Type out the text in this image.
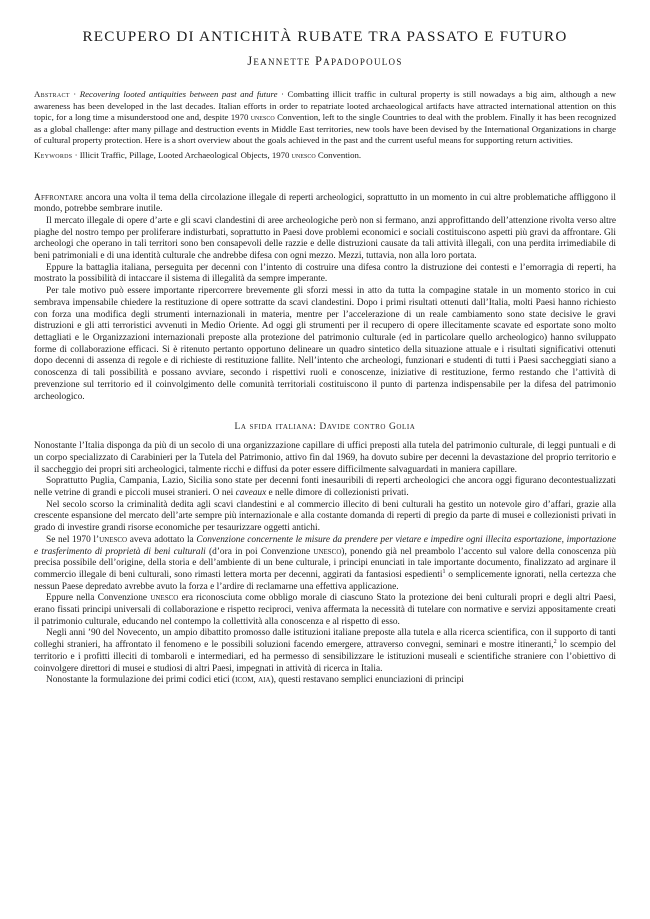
RECUPERO DI ANTICHITÀ RUBATE TRA PASSATO E FUTURO
Jeannette Papadopoulos

Abstract · Recovering looted antiquities between past and future · Combatting illicit traffic in cultural property is still nowadays a big aim, although a new awareness has been developed in the last decades. Italian efforts in order to repatriate looted archaeological artifacts have attracted international attention on this topic, for a long time a misunderstood one and, despite 1970 unesco Convention, left to the single Countries to deal with the problem. Finally it has been recognized as a global challenge: after many pillage and destruction events in Middle East territories, new tools have been devised by the International Organizations in charge of cultural property protection. Here is a short overview about the goals achieved in the past and the current useful means for supporting return activities.

Keywords · Illicit Traffic, Pillage, Looted Archaeological Objects, 1970 unesco Convention.

Affrontare ancora una volta il tema della circolazione illegale di reperti archeologici, soprattutto in un momento in cui altre problematiche affliggono il mondo, potrebbe sembrare inutile.

Il mercato illegale di opere d’arte e gli scavi clandestini di aree archeologiche però non si fermano, anzi approfittando dell’attenzione rivolta verso altre piaghe del nostro tempo per proliferare indisturbati, soprattutto in Paesi dove problemi economici e sociali costituiscono aspetti più gravi da affrontare. Gli archeologi che operano in tali territori sono ben consapevoli delle razzie e delle distruzioni causate da tali attività illegali, con una perdita irrimediabile di beni patrimoniali e di una identità culturale che andrebbe difesa con ogni mezzo. Mezzi, tuttavia, non alla loro portata.

Eppure la battaglia italiana, perseguita per decenni con l’intento di costruire una difesa contro la distruzione dei contesti e l’emorragia di reperti, ha mostrato la possibilità di intaccare il sistema di illegalità da sempre imperante.

Per tale motivo può essere importante ripercorrere brevemente gli sforzi messi in atto da tutta la compagine statale in un momento storico in cui sembrava impensabile chiedere la restituzione di opere sottratte da scavi clandestini. Dopo i primi risultati ottenuti dall’Italia, molti Paesi hanno richiesto con forza una modifica degli strumenti internazionali in materia, mentre per l’accelerazione di un reale cambiamento sono state decisive le gravi distruzioni e gli atti terroristici avvenuti in Medio Oriente. Ad oggi gli strumenti per il recupero di opere illecitamente scavate ed esportate sono molto dettagliati e le Organizzazioni internazionali preposte alla protezione del patrimonio culturale (ed in particolare quello archeologico) hanno sviluppato forme di collaborazione efficaci. Si è ritenuto pertanto opportuno delineare un quadro sintetico della situazione attuale e i risultati significativi ottenuti dopo decenni di assenza di regole e di richieste di restituzione fallite. Nell’intento che archeologi, funzionari e studenti di tutti i Paesi saccheggiati siano a conoscenza di tali possibilità e possano avviare, secondo i rispettivi ruoli e conoscenze, iniziative di restituzione, fermo restando che l’attività di prevenzione sul territorio ed il coinvolgimento delle comunità territoriali costituiscono il punto di partenza indispensabile per la difesa del patrimonio archeologico.

La sfida italiana: Davide contro Golia

Nonostante l’Italia disponga da più di un secolo di una organizzazione capillare di uffici preposti alla tutela del patrimonio culturale, di leggi puntuali e di un corpo specializzato di Carabinieri per la Tutela del Patrimonio, attivo fin dal 1969, ha dovuto subire per decenni la devastazione del proprio territorio e il saccheggio dei propri siti archeologici, talmente ricchi e diffusi da poter essere difficilmente salvaguardati in maniera capillare.

Soprattutto Puglia, Campania, Lazio, Sicilia sono state per decenni fonti inesauribili di reperti archeologici che ancora oggi figurano decontestualizzati nelle vetrine di grandi e piccoli musei stranieri. O nei caveaux e nelle dimore di collezionisti privati.

Nel secolo scorso la criminalità dedita agli scavi clandestini e al commercio illecito di beni culturali ha gestito un notevole giro d’affari, grazie alla crescente espansione del mercato dell’arte sempre più internazionale e alla costante domanda di reperti di pregio da parte di musei e collezionisti privati in grado di investire grandi risorse economiche per tesaurizzare oggetti antichi.

Se nel 1970 l’unesco aveva adottato la Convenzione concernente le misure da prendere per vietare e impedire ogni illecita esportazione, importazione e trasferimento di proprietà di beni culturali (d’ora in poi Convenzione unesco), ponendo già nel preambolo l’accento sul valore della conoscenza più precisa possibile dell’origine, della storia e dell’ambiente di un bene culturale, i principi enunciati in tale importante documento, finalizzato ad arginare il commercio illegale di beni culturali, sono rimasti lettera morta per decenni, aggirati da fantasiosi espedienti$^1$ o semplicemente ignorati, nella certezza che nessun Paese depredato avrebbe avuto la forza e l’ardire di reclamarne una effettiva applicazione.

Eppure nella Convenzione unesco era riconosciuta come obbligo morale di ciascuno Stato la protezione dei beni culturali propri e degli altri Paesi, erano fissati principi universali di collaborazione e rispetto reciproci, veniva affermata la necessità di tutelare con normative e servizi appositamente creati il patrimonio culturale, educando nel contempo la collettività alla conoscenza e al rispetto di esso.

Negli anni ’90 del Novecento, un ampio dibattito promosso dalle istituzioni italiane preposte alla tutela e alla ricerca scientifica, con il supporto di tanti colleghi stranieri, ha affrontato il fenomeno e le possibili soluzioni facendo emergere, attraverso convegni, seminari e mostre itineranti,$^2$ lo scempio del territorio e i profitti illeciti di tombaroli e intermediari, ed ha permesso di sensibilizzare le istituzioni museali e scientifiche straniere con l’obiettivo di coinvolgere direttori di musei e studiosi di altri Paesi, impegnati in attività di ricerca in Italia.

Nonostante la formulazione dei primi codici etici (icom, aia), questi restavano semplici enunciazioni di principi
